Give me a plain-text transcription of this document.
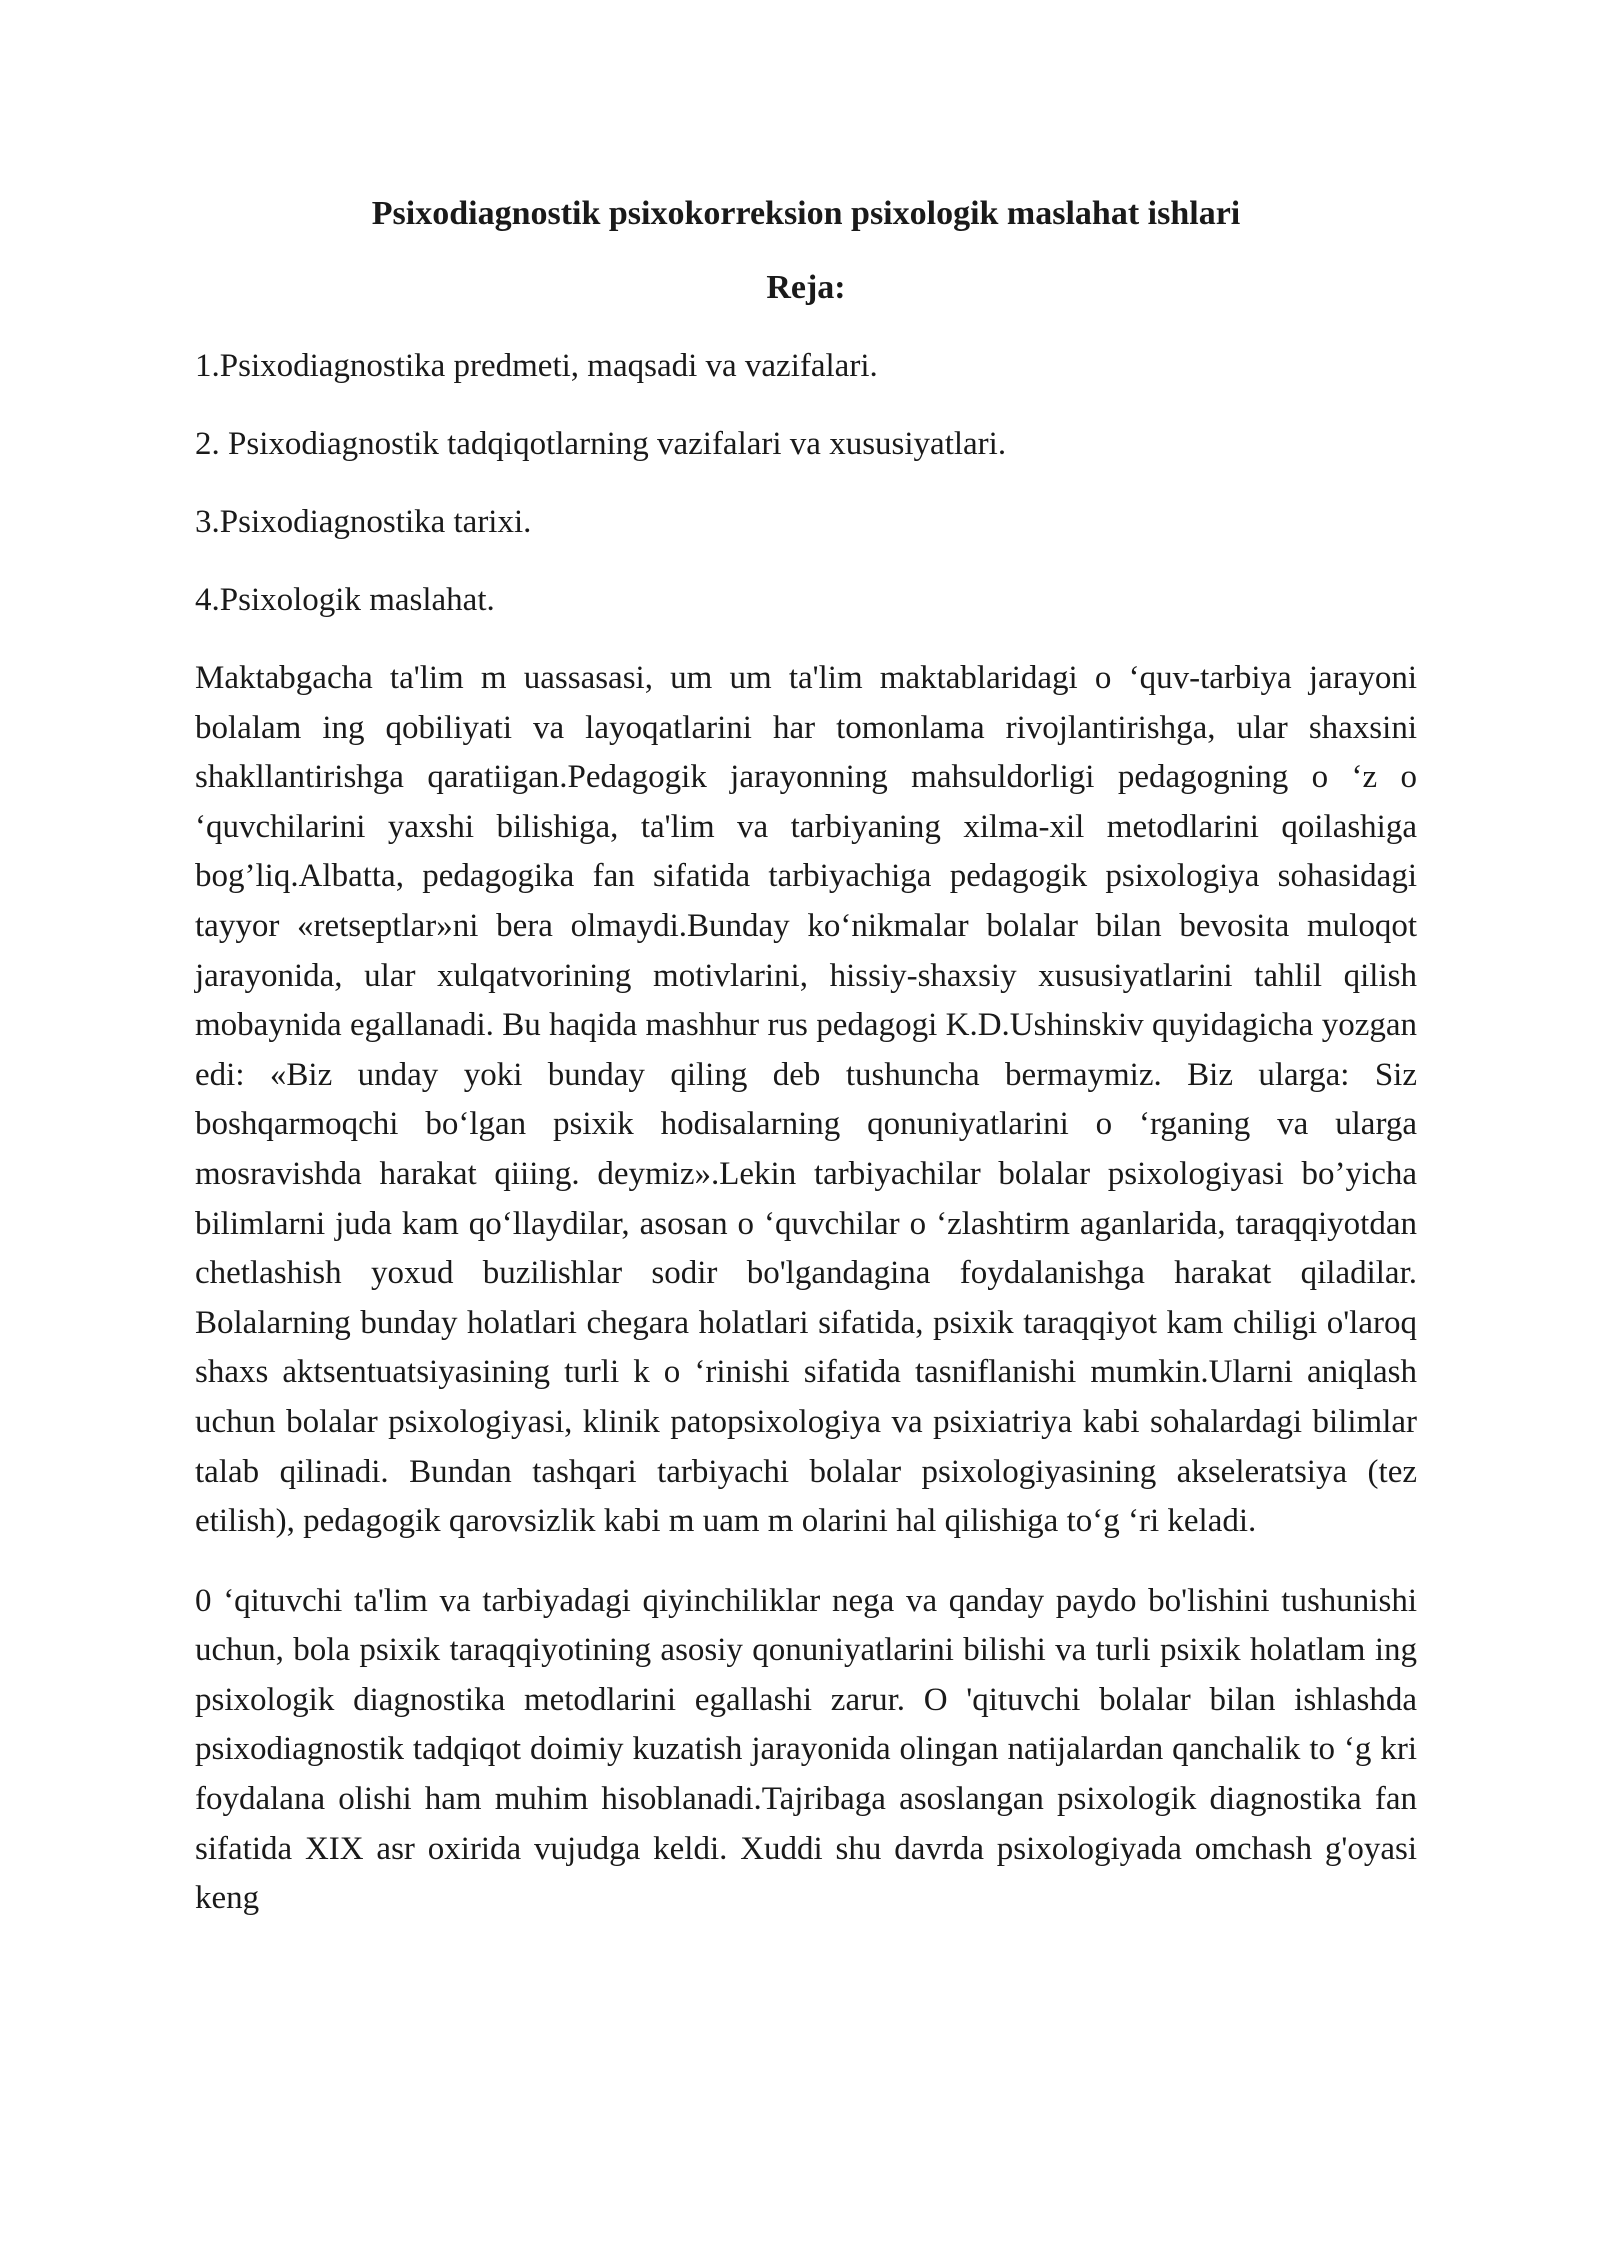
Psixodiagnostik psixokorreksion psixologik maslahat ishlari
Reja:
1.Psixodiagnostika predmeti, maqsadi va vazifalari.
2. Psixodiagnostik tadqiqotlarning vazifalari va xususiyatlari.
3.Psixodiagnostika tarixi.
4.Psixologik maslahat.

Maktabgacha ta'lim m uassasasi, um um ta'lim maktablaridagi o ‘quv-tarbiya jarayoni bolalam ing qobiliyati va layoqatlarini har tomonlama rivojlantirishga, ular shaxsini shakllantirishga qaratiigan.Pedagogik jarayonning mahsuldorligi pedagogning o ‘z o ‘quvchilarini yaxshi bilishiga, ta'lim va tarbiyaning xilma-xil metodlarini qoilashiga bog’liq.Albatta, pedagogika fan sifatida tarbiyachiga pedagogik psixologiya sohasidagi tayyor «retseptlar»ni bera olmaydi.Bunday ko‘nikmalar bolalar bilan bevosita muloqot jarayonida, ular xulqatvorining motivlarini, hissiy-shaxsiy xususiyatlarini tahlil qilish mobaynida egallanadi. Bu haqida mashhur rus pedagogi K.D.Ushinskiv quyidagicha yozgan edi: «Biz unday yoki bunday qiling deb tushuncha bermaymiz. Biz ularga: Siz boshqarmoqchi bo‘lgan psixik hodisalarning qonuniyatlarini o ‘rganing va ularga mosravishda harakat qiiing. deymiz».Lekin tarbiyachilar bolalar psixologiyasi bo’yicha bilimlarni juda kam qo‘llaydilar, asosan o ‘quvchilar o ‘zlashtirm aganlarida, taraqqiyotdan chetlashish yoxud buzilishlar sodir bo'lgandagina foydalanishga harakat qiladilar. Bolalarning bunday holatlari chegara holatlari sifatida, psixik taraqqiyot kam chiligi o'laroq shaxs aktsentuatsiyasining turli k o ‘rinishi sifatida tasniflanishi mumkin.Ularni aniqlash uchun bolalar psixologiyasi, klinik patopsixologiya va psixiatriya kabi sohalardagi bilimlar talab qilinadi. Bundan tashqari tarbiyachi bolalar psixologiyasining akseleratsiya (tez etilish), pedagogik qarovsizlik kabi m uam m olarini hal qilishiga to‘g ‘ri keladi.

0 ‘qituvchi ta'lim va tarbiyadagi qiyinchiliklar nega va qanday paydo bo'lishini tushunishi uchun, bola psixik taraqqiyotining asosiy qonuniyatlarini bilishi va turli psixik holatlam ing psixologik diagnostika metodlarini egallashi zarur. O 'qituvchi bolalar bilan ishlashda psixodiagnostik tadqiqot doimiy kuzatish jarayonida olingan natijalardan qanchalik to ‘g kri foydalana olishi ham muhim hisoblanadi.Tajribaga asoslangan psixologik diagnostika fan sifatida XIX asr oxirida vujudga keldi. Xuddi shu davrda psixologiyada omchash g'oyasi keng
